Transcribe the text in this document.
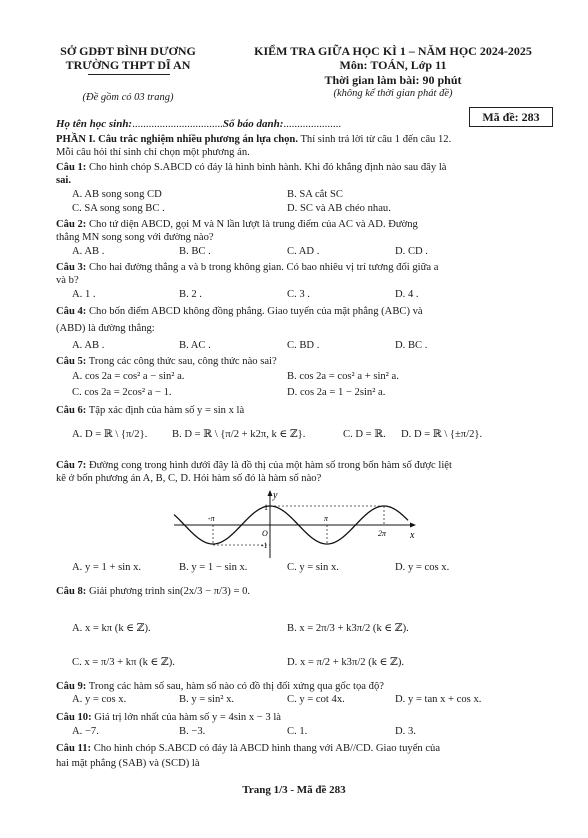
SỞ GDĐT BÌNH DƯƠNG
TRƯỜNG THPT DĨ AN
(Đề gồm có 03 trang)
KIỂM TRA GIỮA HỌC KÌ 1 – NĂM HỌC 2024-2025
Môn: TOÁN, Lớp 11
Thời gian làm bài: 90 phút
(không kể thời gian phát đề)
Mã đề: 283
Họ tên học sinh:.................................Số báo danh:.....................
PHẦN I. Câu trắc nghiệm nhiều phương án lựa chọn. Thí sinh trả lời từ câu 1 đến câu 12.
Mỗi câu hỏi thí sinh chỉ chọn một phương án.
Câu 1: Cho hình chóp S.ABCD có đáy là hình bình hành. Khi đó khẳng định nào sau đây là
sai.
A. AB song song CD	B. SA cắt SC
C. SA song song BC .	D. SC và AB chéo nhau.
Câu 2: Cho tứ diện ABCD, gọi M và N lần lượt là trung điểm của AC và AD. Đường
thẳng MN song song với đường nào?
A. AB .	B. BC .	C. AD .	D. CD .
Câu 3: Cho hai đường thẳng a và b trong không gian. Có bao nhiêu vị trí tương đối giữa a
và b?
A. 1 .	B. 2 .	C. 3 .	D. 4 .
Câu 4: Cho bốn điểm ABCD không đồng phẳng. Giao tuyến của mặt phẳng (ABC) và
(ABD) là đường thẳng:
A. AB .	B. AC .	C. BD .	D. BC .
Câu 5: Trong các công thức sau, công thức nào sai?
A. cos 2a = cos² a − sin² a.	B. cos 2a = cos² a + sin² a.
C. cos 2a = 2cos² a − 1.	D. cos 2a = 1 − 2sin² a.
Câu 6: Tập xác định của hàm số y = sin x là
A. D = ℝ \ {π/2}. B. D = ℝ \ {π/2 + k2π, k ∈ ℤ}.	C. D = ℝ. D. D = ℝ \ {±π/2}.
Câu 7: Đường cong trong hình dưới đây là đồ thị của một hàm số trong bốn hàm số được liệt
kê ở bốn phương án A, B, C, D. Hỏi hàm số đó là hàm số nào?
y
x
O
1
-1
-π	π
2π
A. y = 1 + sin x.	B. y = 1 − sin x.	C. y = sin x.	D. y = cos x.
Câu 8: Giải phương trình sin(2x/3 − π/3) = 0.
A. x = kπ (k ∈ ℤ).	B. x = 2π/3 + k3π/2 (k ∈ ℤ).
C. x = π/3 + kπ (k ∈ ℤ).	D. x = π/2 + k3π/2 (k ∈ ℤ).
Câu 9: Trong các hàm số sau, hàm số nào có đồ thị đối xứng qua gốc tọa độ?
A. y = cos x.	B. y = sin² x.	C. y = cot 4x.	D. y = tan x + cos x.
Câu 10: Giá trị lớn nhất của hàm số y = 4sin x − 3 là
A. −7.	B. −3.	C. 1.	D. 3.
Câu 11: Cho hình chóp S.ABCD có đáy là ABCD hình thang với AB//CD. Giao tuyến của
hai mặt phẳng (SAB) và (SCD) là
Trang 1/3 - Mã đề 283
